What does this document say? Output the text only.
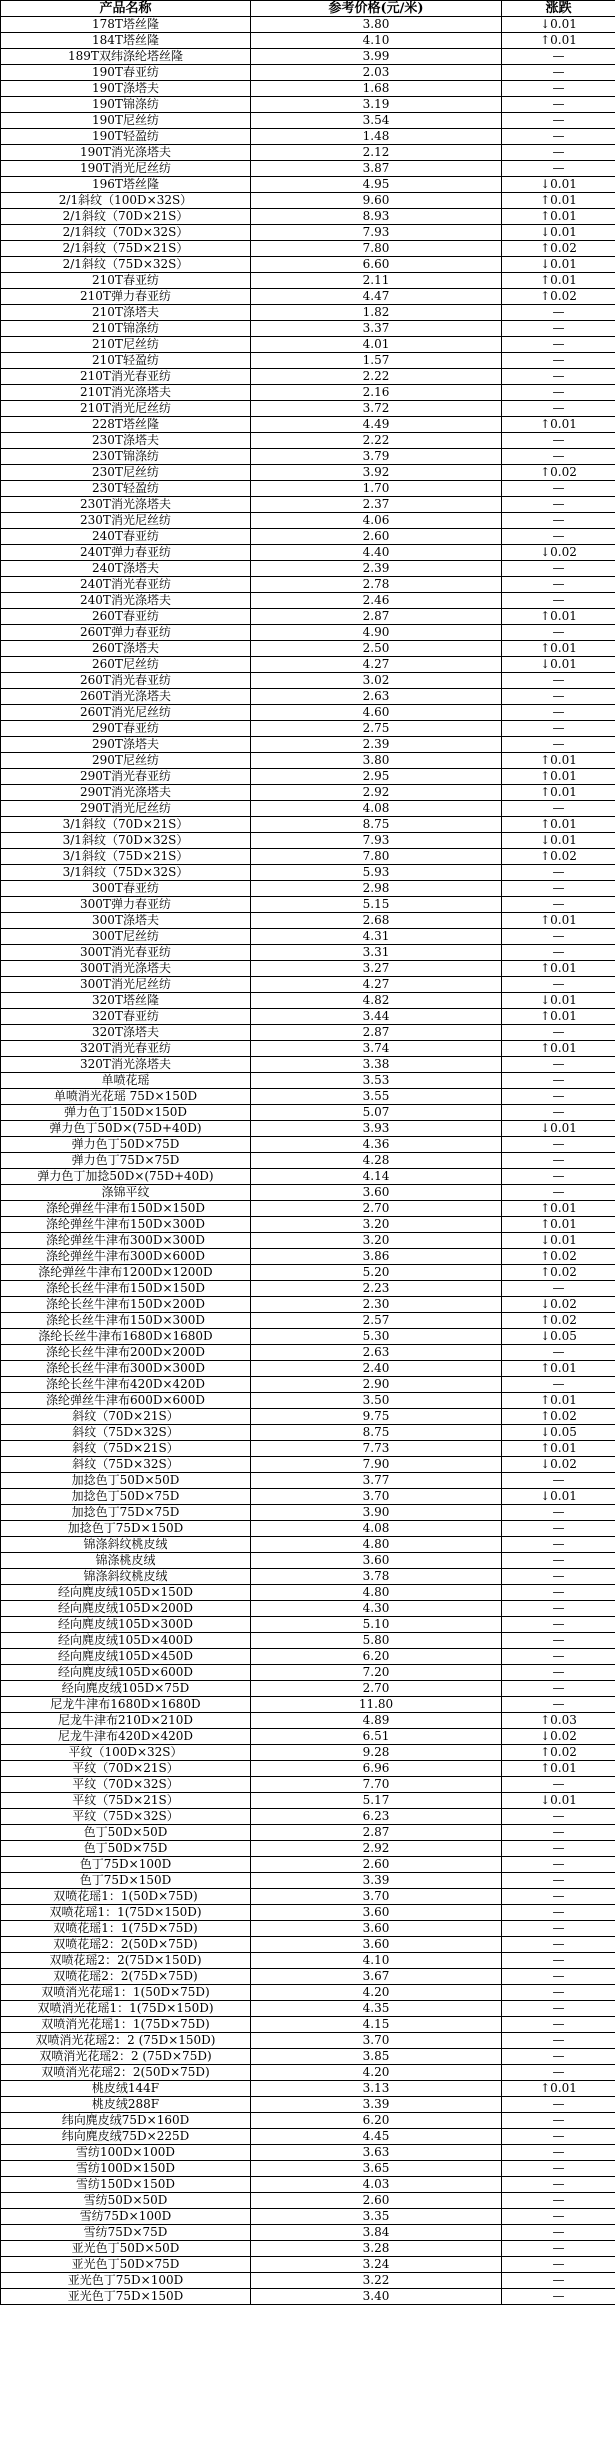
产品名称	参考价格(元/米)	涨跌
178T塔丝隆	3.80	↓0.01
184T塔丝隆	4.10	↑0.01
189T双纬涤纶塔丝隆	3.99	—
190T春亚纺	2.03	—
190T涤塔夫	1.68	—
190T锦涤纺	3.19	—
190T尼丝纺	3.54	—
190T轻盈纺	1.48	—
190T消光涤塔夫	2.12	—
190T消光尼丝纺	3.87	—
196T塔丝隆	4.95	↓0.01
2/1斜纹（100D×32S）	9.60	↑0.01
2/1斜纹（70D×21S）	8.93	↑0.01
2/1斜纹（70D×32S）	7.93	↓0.01
2/1斜纹（75D×21S）	7.80	↑0.02
2/1斜纹（75D×32S）	6.60	↓0.01
210T春亚纺	2.11	↑0.01
210T弹力春亚纺	4.47	↑0.02
210T涤塔夫	1.82	—
210T锦涤纺	3.37	—
210T尼丝纺	4.01	—
210T轻盈纺	1.57	—
210T消光春亚纺	2.22	—
210T消光涤塔夫	2.16	—
210T消光尼丝纺	3.72	—
228T塔丝隆	4.49	↑0.01
230T涤塔夫	2.22	—
230T锦涤纺	3.79	—
230T尼丝纺	3.92	↑0.02
230T轻盈纺	1.70	—
230T消光涤塔夫	2.37	—
230T消光尼丝纺	4.06	—
240T春亚纺	2.60	—
240T弹力春亚纺	4.40	↓0.02
240T涤塔夫	2.39	—
240T消光春亚纺	2.78	—
240T消光涤塔夫	2.46	—
260T春亚纺	2.87	↑0.01
260T弹力春亚纺	4.90	—
260T涤塔夫	2.50	↑0.01
260T尼丝纺	4.27	↓0.01
260T消光春亚纺	3.02	—
260T消光涤塔夫	2.63	—
260T消光尼丝纺	4.60	—
290T春亚纺	2.75	—
290T涤塔夫	2.39	—
290T尼丝纺	3.80	↑0.01
290T消光春亚纺	2.95	↑0.01
290T消光涤塔夫	2.92	↑0.01
290T消光尼丝纺	4.08	—
3/1斜纹（70D×21S）	8.75	↑0.01
3/1斜纹（70D×32S）	7.93	↓0.01
3/1斜纹（75D×21S）	7.80	↑0.02
3/1斜纹（75D×32S）	5.93	—
300T春亚纺	2.98	—
300T弹力春亚纺	5.15	—
300T涤塔夫	2.68	↑0.01
300T尼丝纺	4.31	—
300T消光春亚纺	3.31	—
300T消光涤塔夫	3.27	↑0.01
300T消光尼丝纺	4.27	—
320T塔丝隆	4.82	↓0.01
320T春亚纺	3.44	↑0.01
320T涤塔夫	2.87	—
320T消光春亚纺	3.74	↑0.01
320T消光涤塔夫	3.38	—
单喷花瑶	3.53	—
单喷消光花瑶 75D×150D	3.55	—
弹力色丁150D×150D	5.07	—
弹力色丁50D×(75D+40D)	3.93	↓0.01
弹力色丁50D×75D	4.36	—
弹力色丁75D×75D	4.28	—
弹力色丁加捻50D×(75D+40D)	4.14	—
涤锦平纹	3.60	—
涤纶弹丝牛津布150D×150D	2.70	↑0.01
涤纶弹丝牛津布150D×300D	3.20	↑0.01
涤纶弹丝牛津布300D×300D	3.20	↓0.01
涤纶弹丝牛津布300D×600D	3.86	↑0.02
涤纶弹丝牛津布1200D×1200D	5.20	↑0.02
涤纶长丝牛津布150D×150D	2.23	—
涤纶长丝牛津布150D×200D	2.30	↓0.02
涤纶长丝牛津布150D×300D	2.57	↑0.02
涤纶长丝牛津布1680D×1680D	5.30	↓0.05
涤纶长丝牛津布200D×200D	2.63	—
涤纶长丝牛津布300D×300D	2.40	↑0.01
涤纶长丝牛津布420D×420D	2.90	—
涤纶弹丝牛津布600D×600D	3.50	↑0.01
斜纹（70D×21S）	9.75	↑0.02
斜纹（75D×32S）	8.75	↓0.05
斜纹（75D×21S）	7.73	↑0.01
斜纹（75D×32S）	7.90	↓0.02
加捻色丁50D×50D	3.77	—
加捻色丁50D×75D	3.70	↓0.01
加捻色丁75D×75D	3.90	—
加捻色丁75D×150D	4.08	—
锦涤斜纹桃皮绒	4.80	—
锦涤桃皮绒	3.60	—
锦涤斜纹桃皮绒	3.78	—
经向麂皮绒105D×150D	4.80	—
经向麂皮绒105D×200D	4.30	—
经向麂皮绒105D×300D	5.10	—
经向麂皮绒105D×400D	5.80	—
经向麂皮绒105D×450D	6.20	—
经向麂皮绒105D×600D	7.20	—
经向麂皮绒105D×75D	2.70	—
尼龙牛津布1680D×1680D	11.80	—
尼龙牛津布210D×210D	4.89	↑0.03
尼龙牛津布420D×420D	6.51	↓0.02
平纹（100D×32S）	9.28	↑0.02
平纹（70D×21S）	6.96	↑0.01
平纹（70D×32S）	7.70	—
平纹（75D×21S）	5.17	↓0.01
平纹（75D×32S）	6.23	—
色丁50D×50D	2.87	—
色丁50D×75D	2.92	—
色丁75D×100D	2.60	—
色丁75D×150D	3.39	—
双喷花瑶1：1(50D×75D)	3.70	—
双喷花瑶1：1(75D×150D)	3.60	—
双喷花瑶1：1(75D×75D)	3.60	—
双喷花瑶2：2(50D×75D)	3.60	—
双喷花瑶2：2(75D×150D)	4.10	—
双喷花瑶2：2(75D×75D)	3.67	—
双喷消光花瑶1：1(50D×75D)	4.20	—
双喷消光花瑶1：1(75D×150D)	4.35	—
双喷消光花瑶1：1(75D×75D)	4.15	—
双喷消光花瑶2：2 (75D×150D)	3.70	—
双喷消光花瑶2：2 (75D×75D)	3.85	—
双喷消光花瑶2：2(50D×75D)	4.20	—
桃皮绒144F	3.13	↑0.01
桃皮绒288F	3.39	—
纬向麂皮绒75D×160D	6.20	—
纬向麂皮绒75D×225D	4.45	—
雪纺100D×100D	3.63	—
雪纺100D×150D	3.65	—
雪纺150D×150D	4.03	—
雪纺50D×50D	2.60	—
雪纺75D×100D	3.35	—
雪纺75D×75D	3.84	—
亚光色丁50D×50D	3.28	—
亚光色丁50D×75D	3.24	—
亚光色丁75D×100D	3.22	—
亚光色丁75D×150D	3.40	—
